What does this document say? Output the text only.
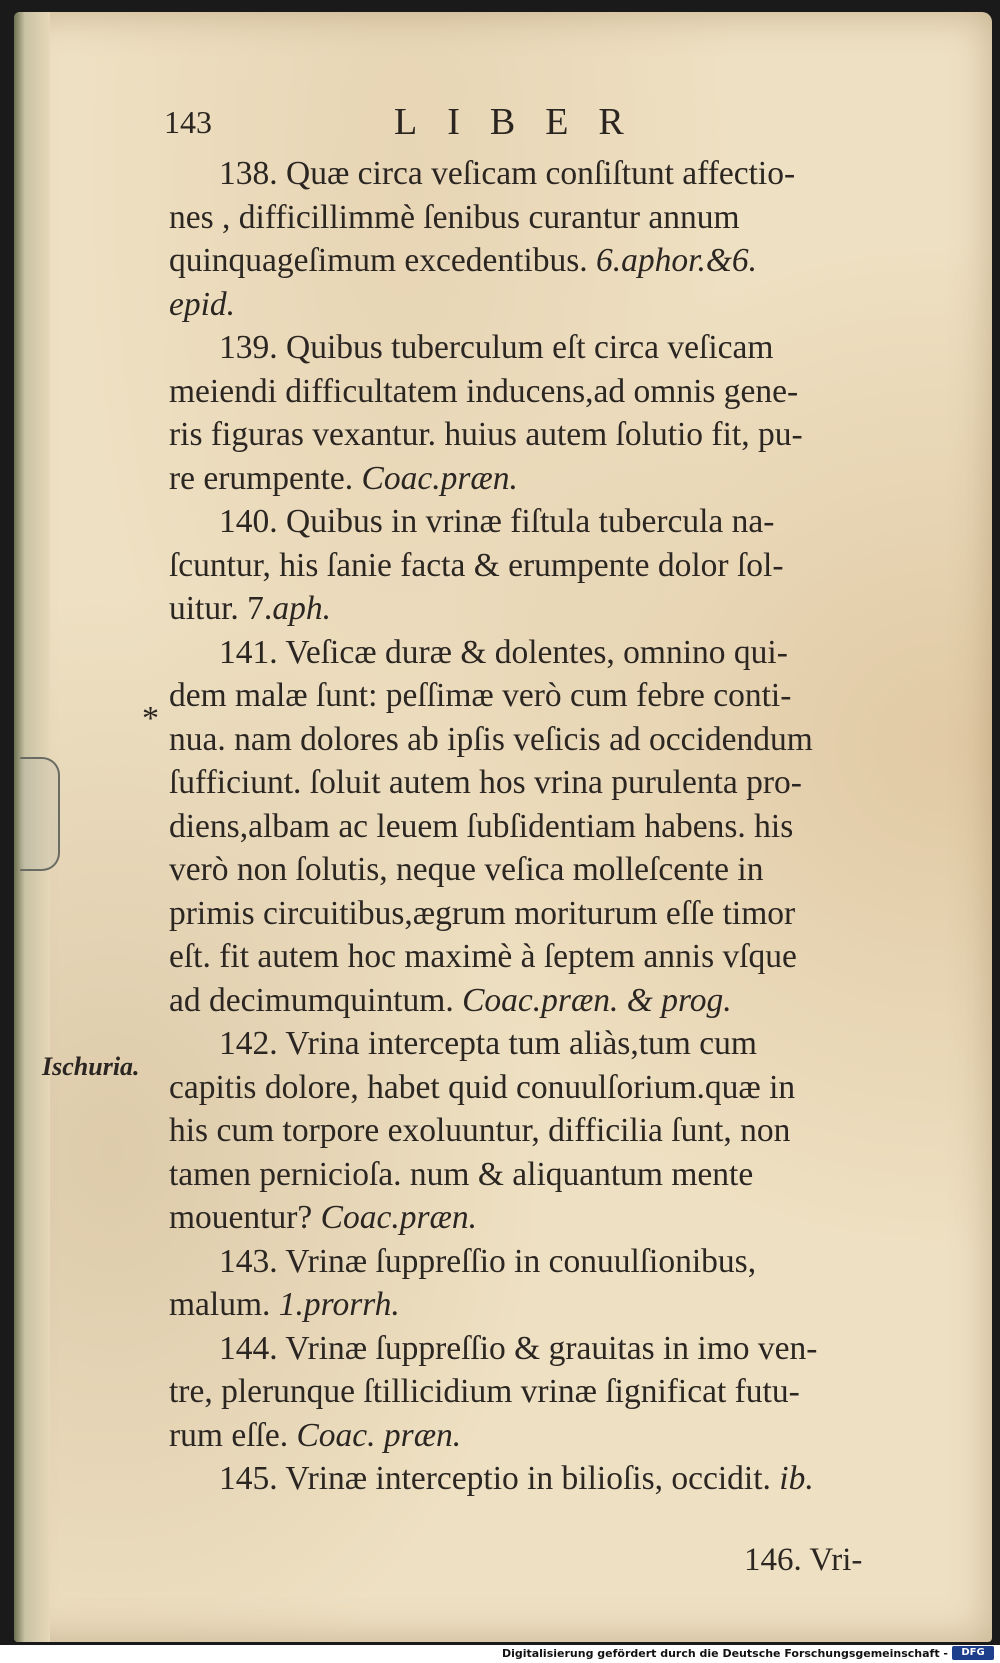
143	LIBER
*
Ischuria.
138. Quæ circa veſicam conſiſtunt affectio-
nes , difficillimmè ſenibus curantur annum
quinquageſimum excedentibus. 6.aphor.&6.
epid.
139. Quibus tuberculum eſt circa veſicam
meiendi difficultatem inducens,ad omnis gene-
ris figuras vexantur. huius autem ſolutio fit, pu-
re erumpente. Coac.præn.
140. Quibus in vrinæ fiſtula tubercula na-
ſcuntur, his ſanie facta & erumpente dolor ſol-
uitur. 7.aph.
141. Veſicæ duræ & dolentes, omnino qui-
dem malæ ſunt: peſſimæ verò cum febre conti-
nua. nam dolores ab ipſis veſicis ad occidendum
ſufficiunt. ſoluit autem hos vrina purulenta pro-
diens,albam ac leuem ſubſidentiam habens. his
verò non ſolutis, neque veſica molleſcente in
primis circuitibus,ægrum moriturum eſſe timor
eſt. fit autem hoc maximè à ſeptem annis vſque
ad decimumquintum. Coac.præn. & prog.
142. Vrina intercepta tum aliàs,tum cum
capitis dolore, habet quid conuulſorium.quæ in
his cum torpore exoluuntur, difficilia ſunt, non
tamen pernicioſa. num & aliquantum mente
mouentur? Coac.præn.
143. Vrinæ ſuppreſſio in conuulſionibus,
malum. 1.prorrh.
144. Vrinæ ſuppreſſio & grauitas in imo ven-
tre, plerunque ſtillicidium vrinæ ſignificat futu-
rum eſſe. Coac. præn.
145. Vrinæ interceptio in bilioſis, occidit. ib.
146. Vri-
Digitalisierung gefördert durch die Deutsche Forschungsgemeinschaft -	DFG
